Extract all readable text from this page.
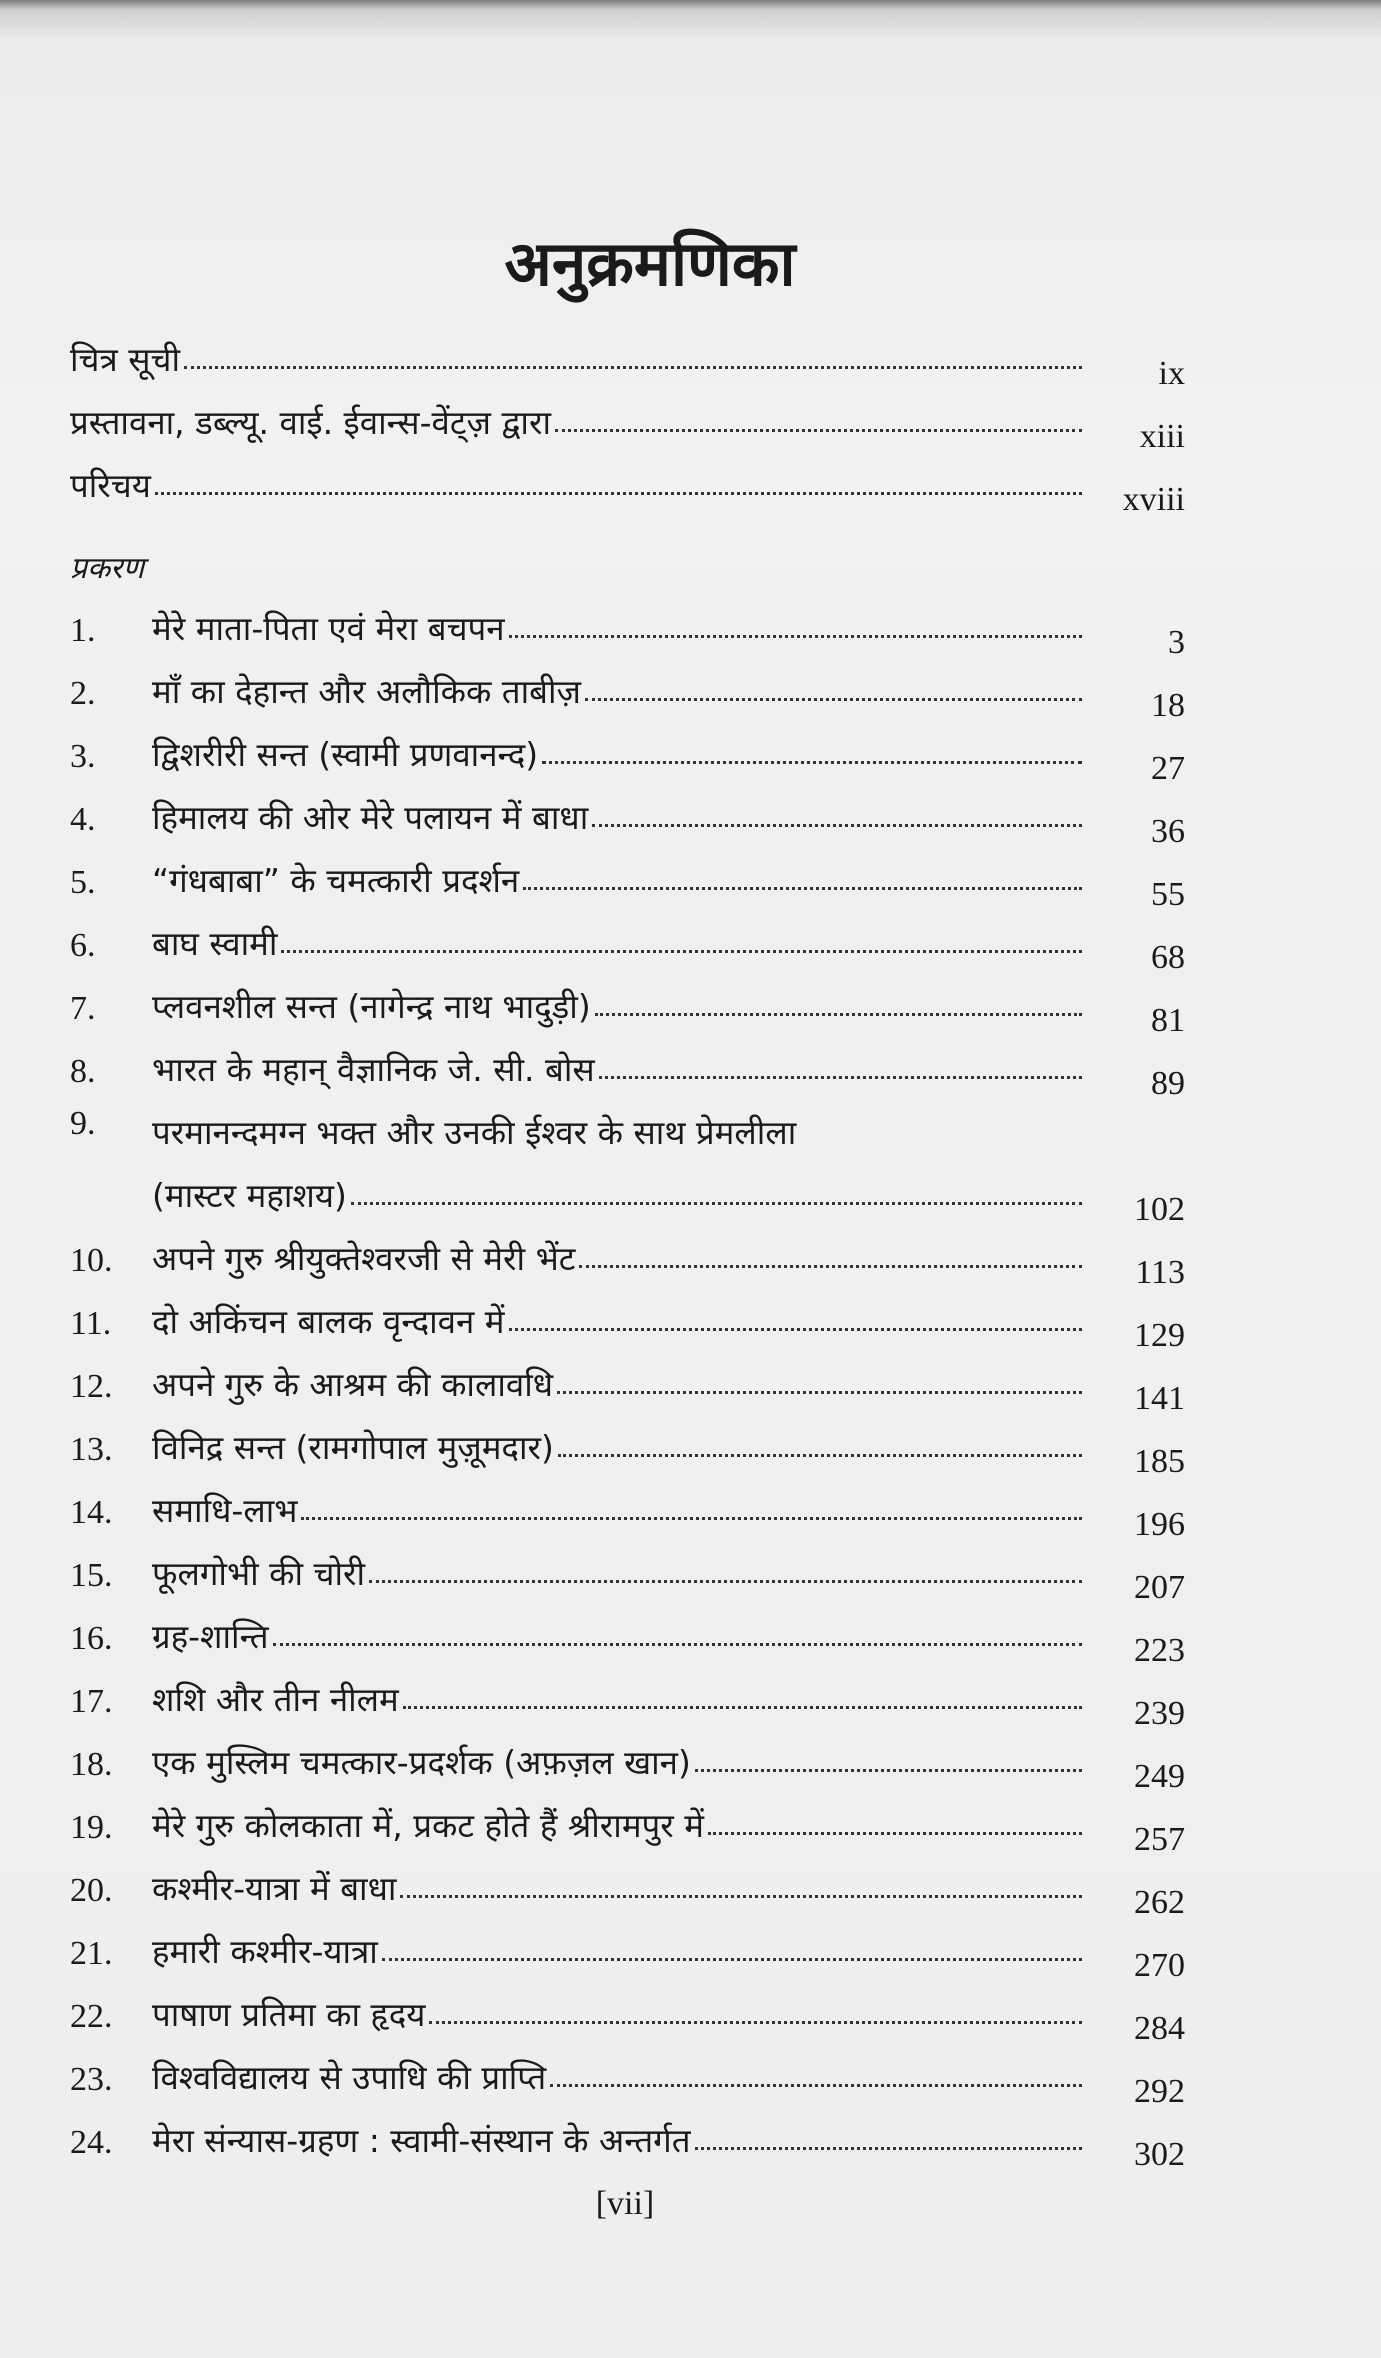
अनुक्रमणिका
चित्र सूची	ix
प्रस्तावना, डब्ल्यू. वाई. ईवान्स-वेंट्ज़ द्वारा	xiii
परिचय	xviii
प्रकरण
1.	मेरे माता-पिता एवं मेरा बचपन	3
2.	माँ का देहान्त और अलौकिक ताबीज़	18
3.	द्विशरीरी सन्त (स्वामी प्रणवानन्द)	27
4.	हिमालय की ओर मेरे पलायन में बाधा	36
5.	“गंधबाबा” के चमत्कारी प्रदर्शन	55
6.	बाघ स्वामी	68
7.	प्लवनशील सन्त (नागेन्द्र नाथ भादुड़ी)	81
8.	भारत के महान् वैज्ञानिक जे. सी. बोस	89
9.	परमानन्दमग्न भक्त और उनकी ईश्वर के साथ प्रेमलीला
(मास्टर महाशय)	102
10.	अपने गुरु श्रीयुक्तेश्वरजी से मेरी भेंट	113
11.	दो अकिंचन बालक वृन्दावन में	129
12.	अपने गुरु के आश्रम की कालावधि	141
13.	विनिद्र सन्त (रामगोपाल मुज़ूमदार)	185
14.	समाधि-लाभ	196
15.	फूलगोभी की चोरी	207
16.	ग्रह-शान्ति	223
17.	शशि और तीन नीलम	239
18.	एक मुस्लिम चमत्कार-प्रदर्शक (अफ़ज़ल खान)	249
19.	मेरे गुरु कोलकाता में, प्रकट होते हैं श्रीरामपुर में	257
20.	कश्मीर-यात्रा में बाधा	262
21.	हमारी कश्मीर-यात्रा	270
22.	पाषाण प्रतिमा का हृदय	284
23.	विश्वविद्यालय से उपाधि की प्राप्ति	292
24.	मेरा संन्यास-ग्रहण : स्वामी-संस्थान के अन्तर्गत	302
[vii]
